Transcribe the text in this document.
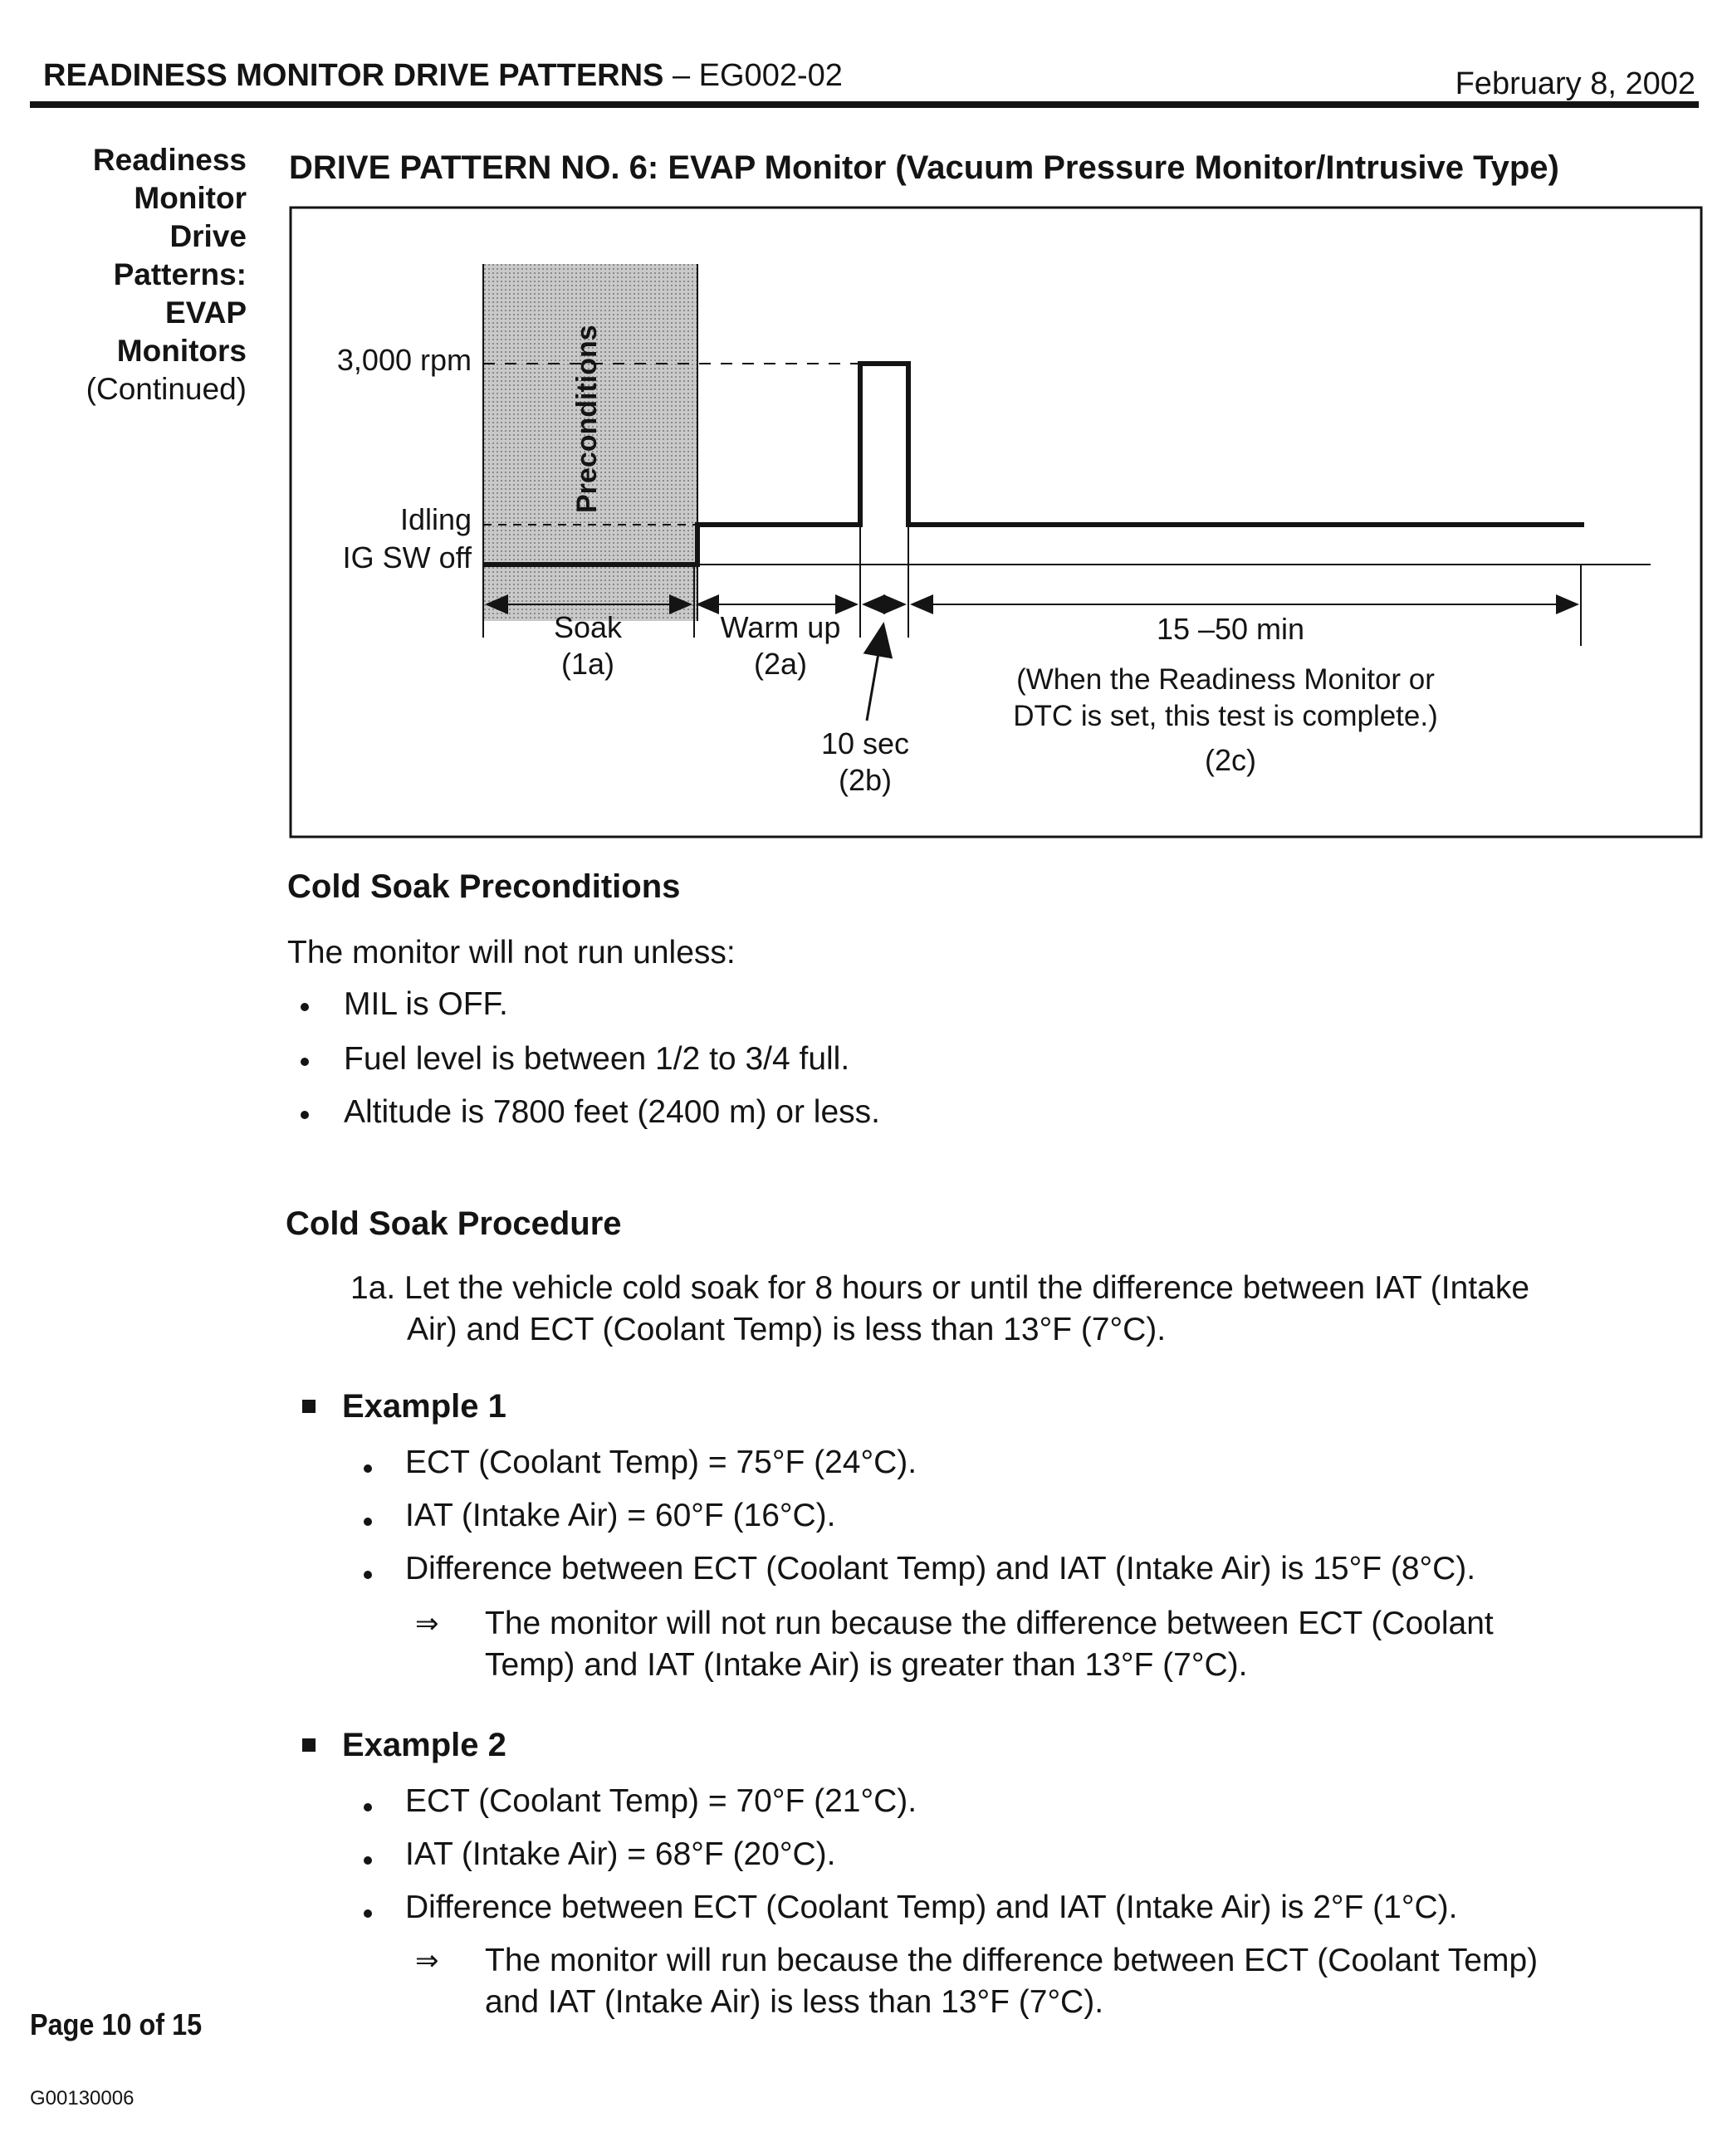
READINESS MONITOR DRIVE PATTERNS – EG002-02	February 8, 2002
Readiness
Monitor
Drive
Patterns:
EVAP
Monitors
(Continued)
DRIVE PATTERN NO. 6: EVAP Monitor (Vacuum Pressure Monitor/Intrusive Type)
Preconditions
3,000 rpm
Idling
IG SW off
Soak
(1a)
Warm up
(2a)
10 sec
(2b)
15 –50 min
(When the Readiness Monitor or
DTC is set, this test is complete.)
(2c)
Cold Soak Preconditions
The monitor will not run unless:
MIL is OFF.
Fuel level is between 1/2 to 3/4 full.
Altitude is 7800 feet (2400 m) or less.
Cold Soak Procedure
1a. Let the vehicle cold soak for 8 hours or until the difference between IAT (Intake
Air) and ECT (Coolant Temp) is less than 13°F (7°C).
Example 1
ECT (Coolant Temp) = 75°F (24°C).
IAT (Intake Air) = 60°F (16°C).
Difference between ECT (Coolant Temp) and IAT (Intake Air) is 15°F (8°C).
⇒ The monitor will not run because the difference between ECT (Coolant
Temp) and IAT (Intake Air) is greater than 13°F (7°C).
Example 2
ECT (Coolant Temp) = 70°F (21°C).
IAT (Intake Air) = 68°F (20°C).
Difference between ECT (Coolant Temp) and IAT (Intake Air) is 2°F (1°C).
⇒ The monitor will run because the difference between ECT (Coolant Temp)
and IAT (Intake Air) is less than 13°F (7°C).
Page 10 of 15
G00130006
